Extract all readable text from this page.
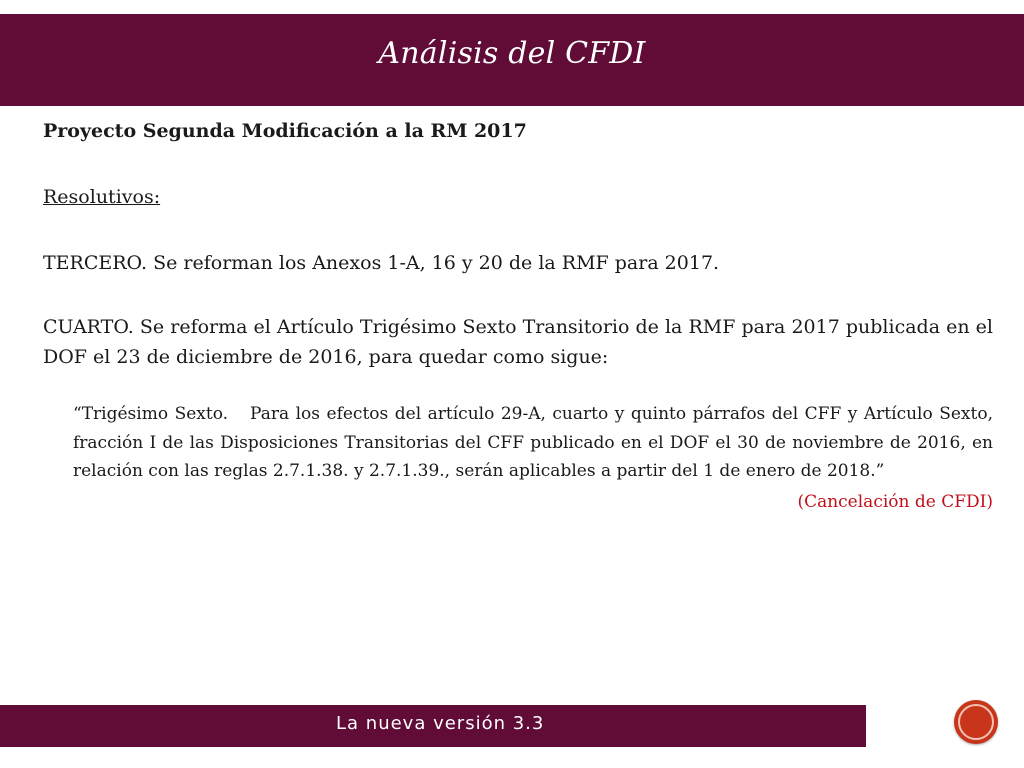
Análisis del CFDI

Proyecto Segunda Modificación a la RM 2017

Resolutivos:

TERCERO. Se reforman los Anexos 1-A, 16 y 20 de la RMF para 2017.

CUARTO. Se reforma el Artículo Trigésimo Sexto Transitorio de la RMF para 2017 publicada en el DOF el 23 de diciembre de 2016, para quedar como sigue:

“Trigésimo Sexto. Para los efectos del artículo 29-A, cuarto y quinto párrafos del CFF y Artículo Sexto, fracción I de las Disposiciones Transitorias del CFF publicado en el DOF el 30 de noviembre de 2016, en relación con las reglas 2.7.1.38. y 2.7.1.39., serán aplicables a partir del 1 de enero de 2018.”

(Cancelación de CFDI)

La nueva versión 3.3
